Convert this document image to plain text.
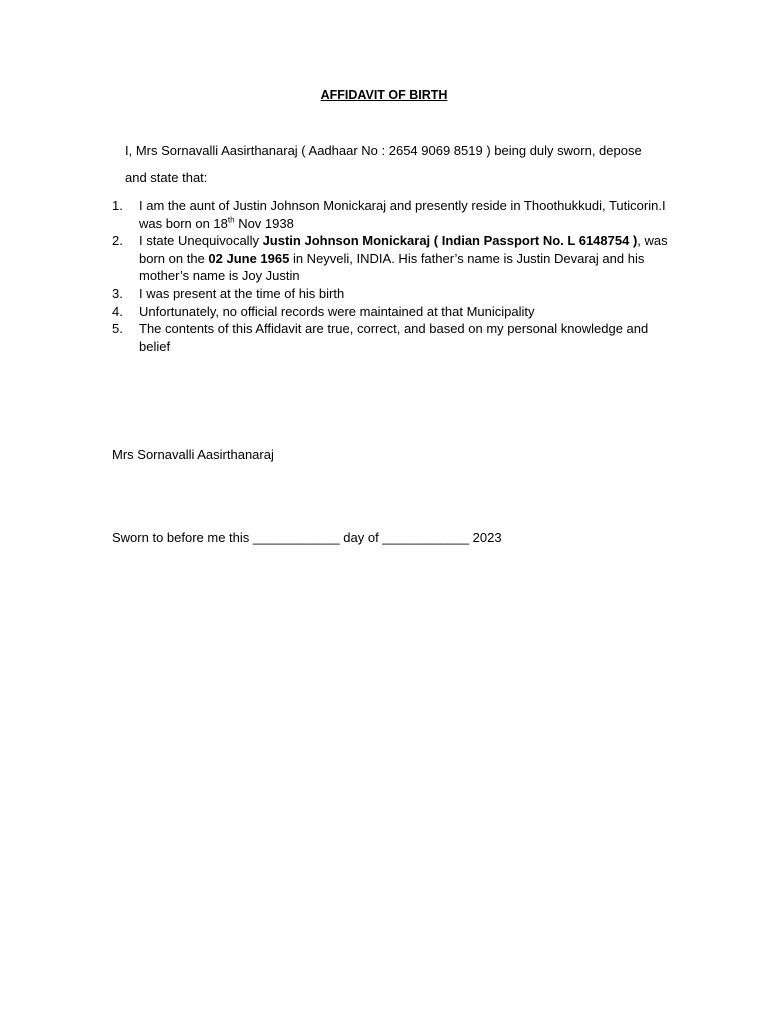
AFFIDAVIT OF BIRTH
I, Mrs Sornavalli Aasirthanaraj ( Aadhaar No : 2654 9069 8519 ) being duly sworn, depose
and state that:
1. I am the aunt of Justin Johnson Monickaraj and presently reside in Thoothukkudi, Tuticorin.I was born on 18th Nov 1938
2. I state Unequivocally Justin Johnson Monickaraj ( Indian Passport No. L 6148754 ), was born on the 02 June 1965 in Neyveli, INDIA. His father’s name is Justin Devaraj and his mother’s name is Joy Justin
3. I was present at the time of his birth
4. Unfortunately, no official records were maintained at that Municipality
5. The contents of this Affidavit are true, correct, and based on my personal knowledge and belief
Mrs Sornavalli Aasirthanaraj
Sworn to before me this ____________ day of ____________ 2023
